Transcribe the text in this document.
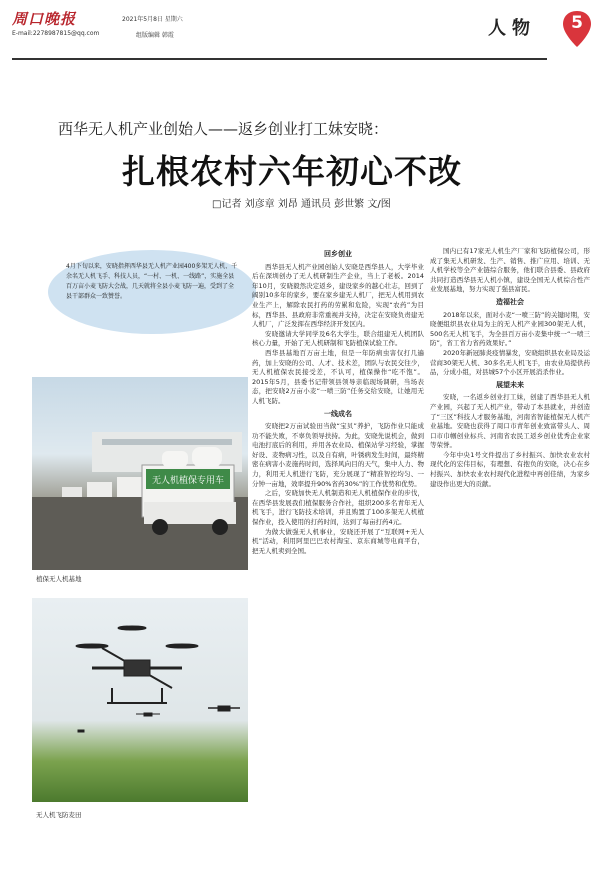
周口晚报
E-mail:2278987815@qq.com
2021年5月8日 星期六
组版编辑 韩霞	人物	5
西华无人机产业创始人——返乡创业打工妹安晓：
扎根农村六年初心不改
□记者 刘彦章 刘昂 通讯员 彭世繁 文/图
4月下旬以来，安晓指挥西华县无人机产业园400多架无人机、千余名无人机飞手、科技人员，“一村、一机、一线路”，实施全县百万亩小麦飞防大会战，几天就将全县小麦飞防一遍，受到了全县干部群众一致赞誉。
无人机植保专用车
植保无人机基地
无人机飞防麦田
回乡创业

西华县无人机产业园创始人安晓是西华县人，大学毕业后在深圳创办了无人机研制生产企业，当上了老板。2014年10月，安晓毅然决定返乡，建设家乡的越心壮志，回到了阔别10多年的家乡，要在家乡建无人机厂，把无人机用到农业生产上，解除农民打药的劳累和危险，实现“农药”为目标，西华县、县政府非常重视并支持，决定在安晓负责建无人机厂，广泛发挥在西华经济开发区内。

安晓邀请大学同学及6名大学生，联合组建无人机团队核心力量，开始了无人机研制和飞防植保试验工作。

西华县基地百万亩土地，但是一年防病虫害仅打几遍药，加上安晓的公司、人才、技术差，团队与农民交往少，无人机植保农民接受差，不认可，植保操作“吃不饱”。2015年5月，县委书记带领县领导亲临现场调研，当场表态，把安晓2万亩小麦“一喷三防”任务交给安晓，让她用无人机飞防。

一线成名

安晓把2万亩试验田当做“宝贝”养护，飞防作业只能成功不能失败，不辜负领导扶持。为此，安晓先说机会，做到电池打底后的利用，并用各农业局、植保站学习经验，掌握好设、麦物病习性，以及自有病，叶锈病发生时间，最终精密在病害小麦施药时间，选择风向目的天气，集中人力、物力，利用无人机进行飞防，充分展现了“精准智控均匀、一分钟一亩地，效率提升90%省药30%”的工作优势和优势。

之后，安晓加快无人机制造和无人机植保作业的步伐，在西华县发展我们植保服务合作社，组织200多名青年无人机飞手，进行飞防技术培训，并且购置了100多架无人机植保作业，投入使用的打药时间，达到了每亩打药4元。

为做大做强无人机事业，安晓还开展了“互联网+无人机”活动，利用阿里巴巴农村淘宝、京东商城等电商平台，把无人机卖到全国。

国内已有17家无人机生产厂家和飞防植保公司，形成了集无人机研发、生产、销售、推广应用、培训、无人机学校等全产业链综合服务，他们联合县委、县政府共同打造西华县无人机小镇，建设全国无人机综合性产业发展基地，努力实现了强县富民。

造福社会

2018年以来，面对小麦“一喷三防”的关键时期，安晓便组织县农业局为主的无人机产业园300架无人机，500名无人机飞手，为全县百万亩小麦集中统一“一喷三防”，省工省力省药效果好。”

2020年新冠肺炎疫情暴发，安晓组织县农业局及运营商30架无人机、30多名无人机飞手，由农业局提供药品，分成小组，对县城57个小区开展消杀作业。

展望未来

安晓，一名返乡创业打工妹，创建了西华县无人机产业园，兴起了无人机产业，带动了本县就业，并创造了“三区”科技人才服务基地，河南省智能植保无人机产业基地。安晓也获得了周口市青年创业致富带头人、周口市巾帼创业标兵、河南省农民工返乡创业优秀企业家等荣誉。

今年中央1号文件提出了乡村振兴、加快农业农村现代化的宏伟目标，有理想、有抱负的安晓，决心在乡村振兴、加快农业农村现代化进程中再创佳绩，为家乡建设作出更大的贡献。
